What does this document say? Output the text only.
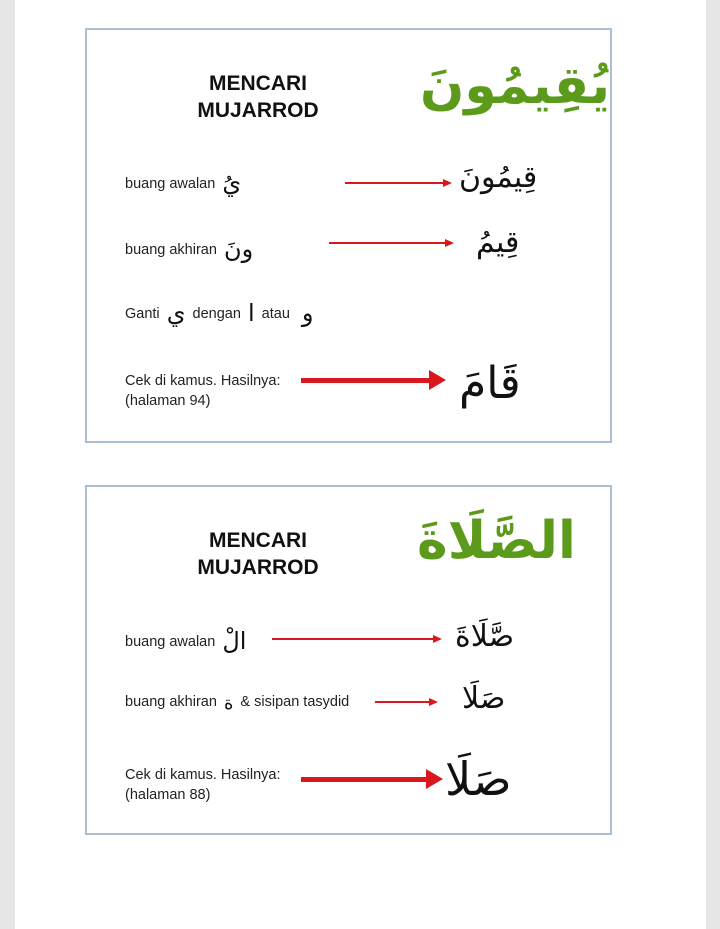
MENCARI
MUJARROD يُقِيمُونَ
buang awalan يُ	قِيمُونَ
buang akhiran ونَ	قِيمُ
Ganti ي dengan ا atau و
Cek di kamus. Hasilnya:
(halaman 94)	قَامَ
MENCARI
MUJARROD الصَّلَاةَ
buang awalan الْ	صَّلَاةَ
buang akhiran ة & sisipan tasydid	صَلَا
Cek di kamus. Hasilnya:
(halaman 88)	صَلَا
